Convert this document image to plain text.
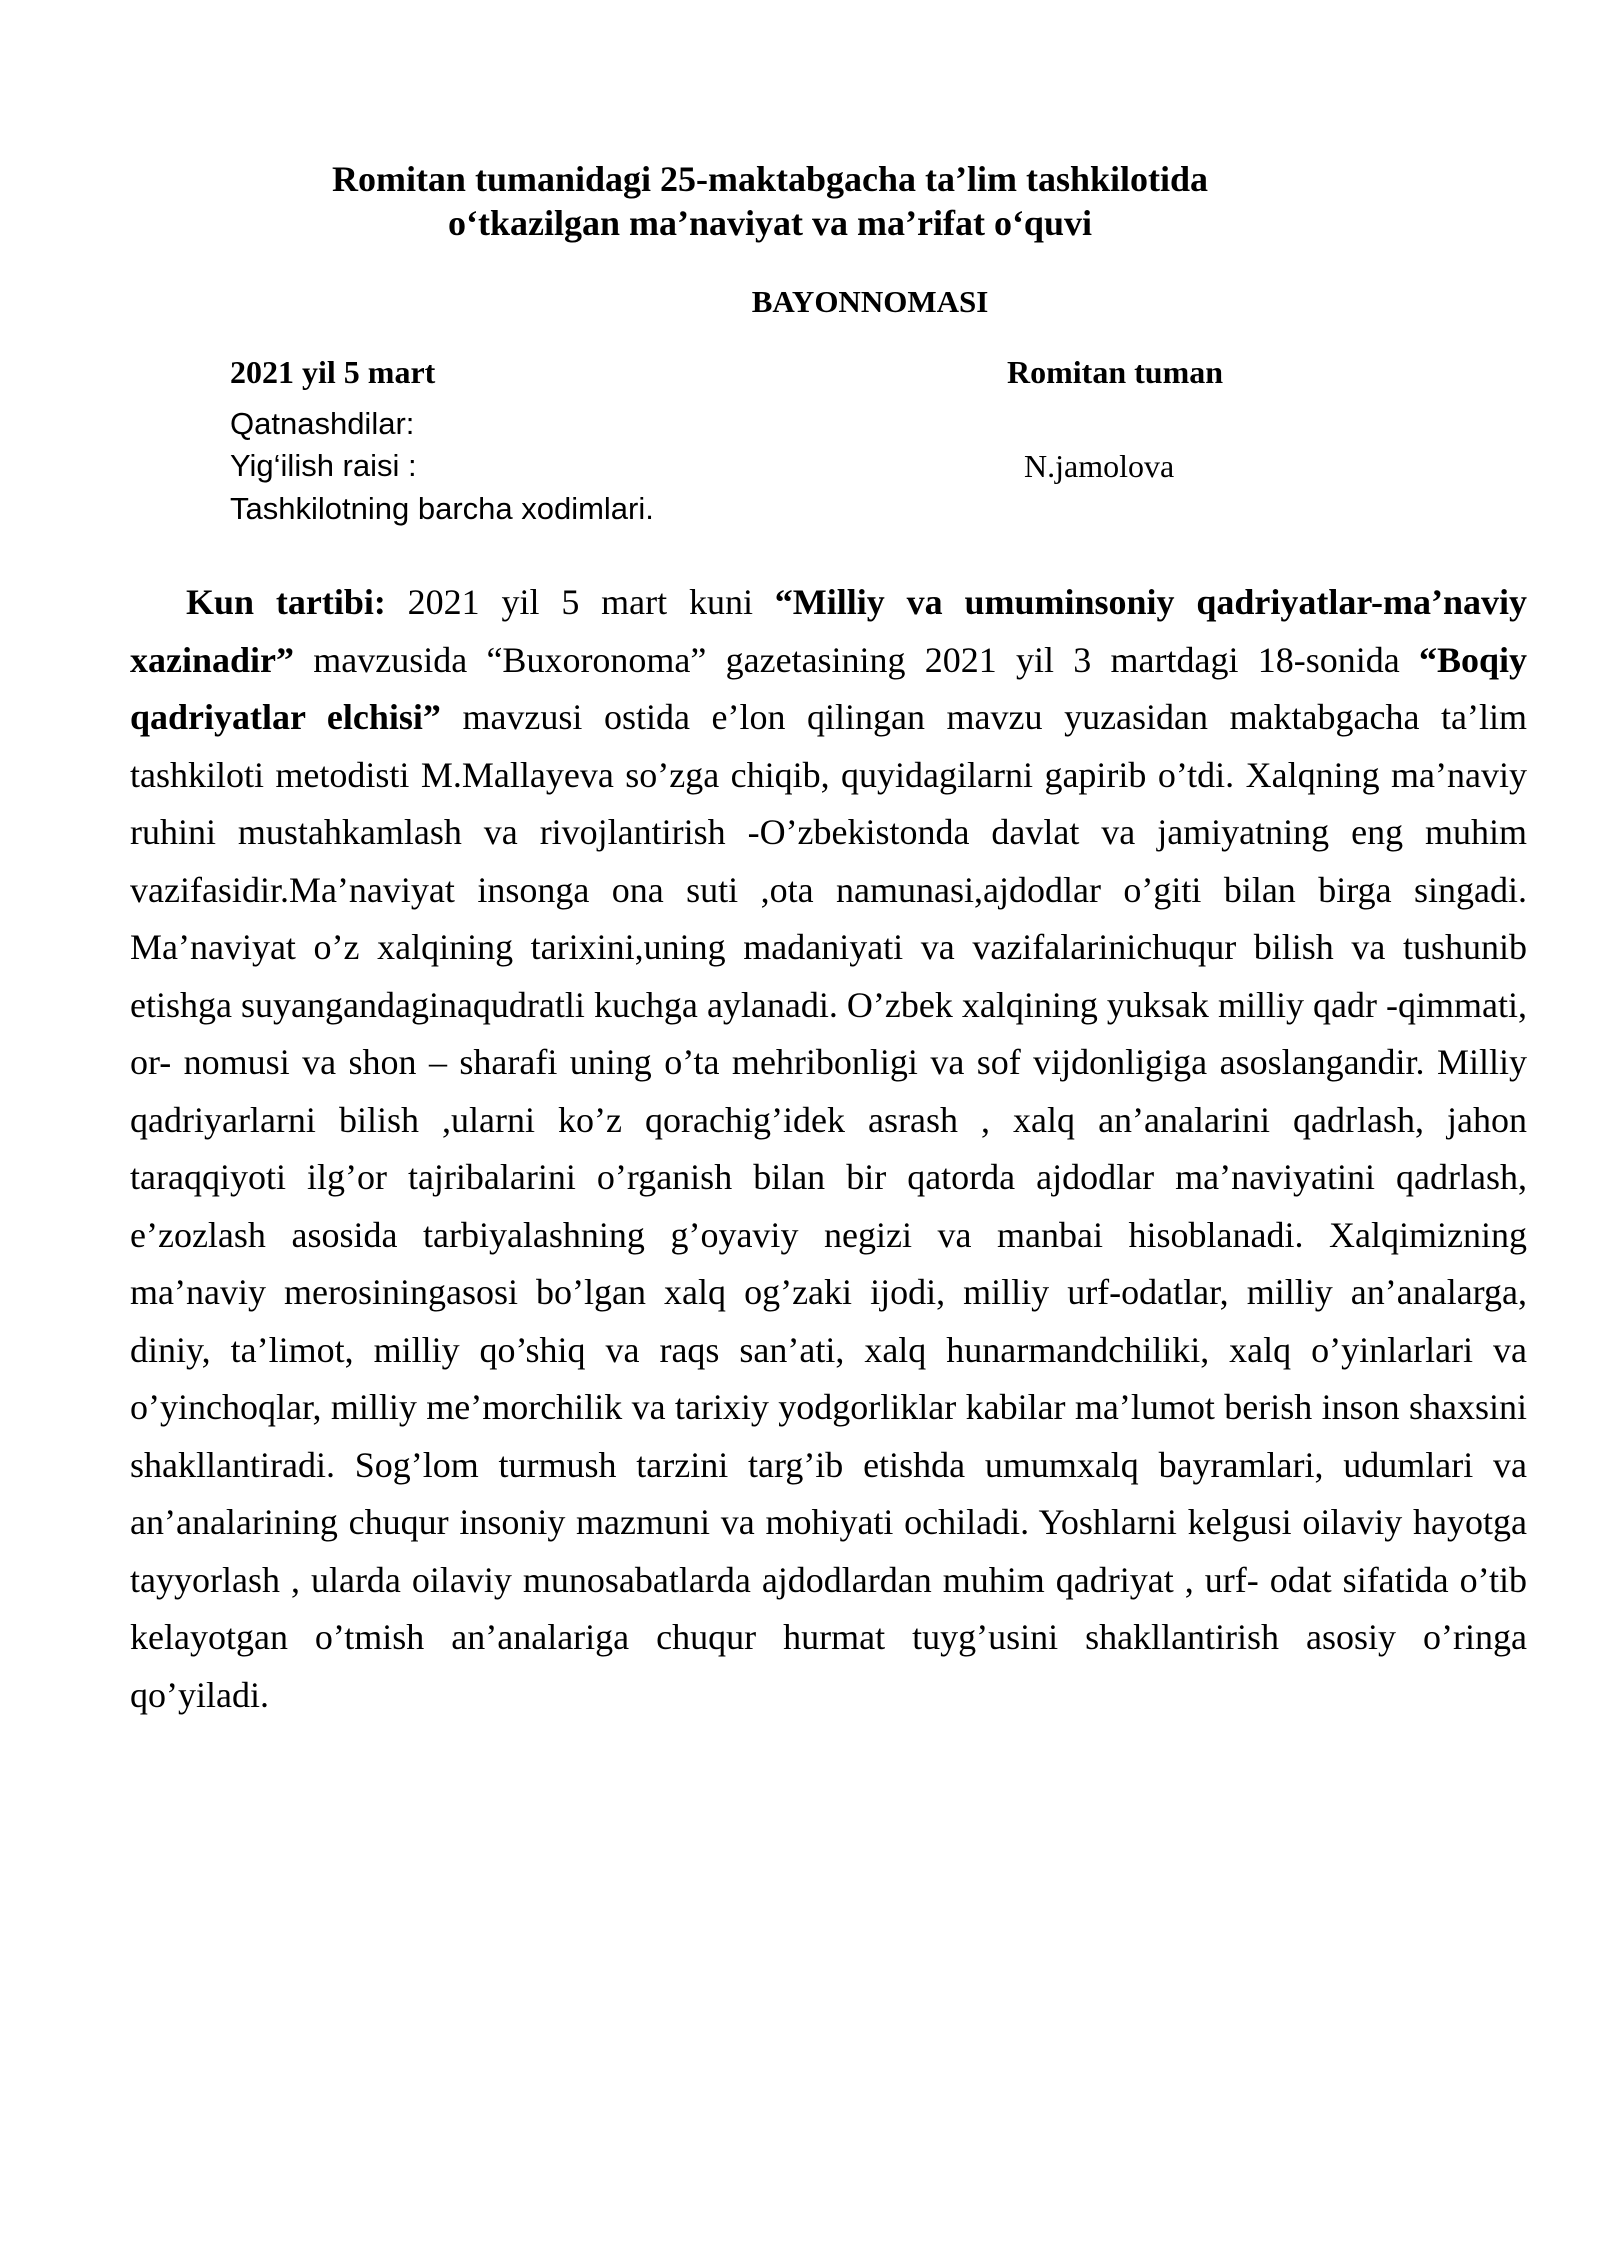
Romitan tumanidagi 25-maktabgacha ta’lim tashkilotida

o‘tkazilgan ma’naviyat va ma’rifat o‘quvi

BAYONNOMASI

2021 yil 5 mart	Romitan tuman
Qatnashdilar:
Yig‘ilish raisi :	N.jamolova
Tashkilotning barcha xodimlari.

Kun tartibi: 2021 yil 5 mart kuni “Milliy va umuminsoniy qadriyatlar-ma’naviy xazinadir” mavzusida “Buxoronoma” gazetasining 2021 yil 3 martdagi 18-sonida “Boqiy qadriyatlar elchisi” mavzusi ostida e’lon qilingan mavzu yuzasidan maktabgacha ta’lim tashkiloti metodisti M.Mallayeva so’zga chiqib, quyidagilarni gapirib o’tdi. Xalqning ma’naviy ruhini mustahkamlash va rivojlantirish -O’zbekistonda davlat va jamiyatning eng muhim vazifasidir.Ma’naviyat insonga ona suti ,ota namunasi,ajdodlar o’giti bilan birga singadi. Ma’naviyat o’z xalqining tarixini,uning madaniyati va vazifalarinichuqur bilish va tushunib etishga suyangandaginaqudratli kuchga aylanadi. O’zbek xalqining yuksak milliy qadr -qimmati, or- nomusi va shon – sharafi uning o’ta mehribonligi va sof vijdonligiga asoslangandir. Milliy qadriyarlarni bilish ,ularni ko’z qorachig’idek asrash , xalq an’analarini qadrlash, jahon taraqqiyoti ilg’or tajribalarini o’rganish bilan bir qatorda ajdodlar ma’naviyatini qadrlash, e’zozlash asosida tarbiyalashning g’oyaviy negizi va manbai hisoblanadi. Xalqimizning ma’naviy merosiningasosi bo’lgan xalq og’zaki ijodi, milliy urf-odatlar, milliy an’analarga, diniy, ta’limot, milliy qo’shiq va raqs san’ati, xalq hunarmandchiliki, xalq o’yinlarlari va o’yinchoqlar, milliy me’morchilik va tarixiy yodgorliklar kabilar ma’lumot berish inson shaxsini shakllantiradi. Sog’lom turmush tarzini targ’ib etishda umumxalq bayramlari, udumlari va an’analarining chuqur insoniy mazmuni va mohiyati ochiladi. Yoshlarni kelgusi oilaviy hayotga tayyorlash , ularda oilaviy munosabatlarda ajdodlardan muhim qadriyat , urf- odat sifatida o’tib kelayotgan o’tmish an’analariga chuqur hurmat tuyg’usini shakllantirish asosiy o’ringa qo’yiladi.
